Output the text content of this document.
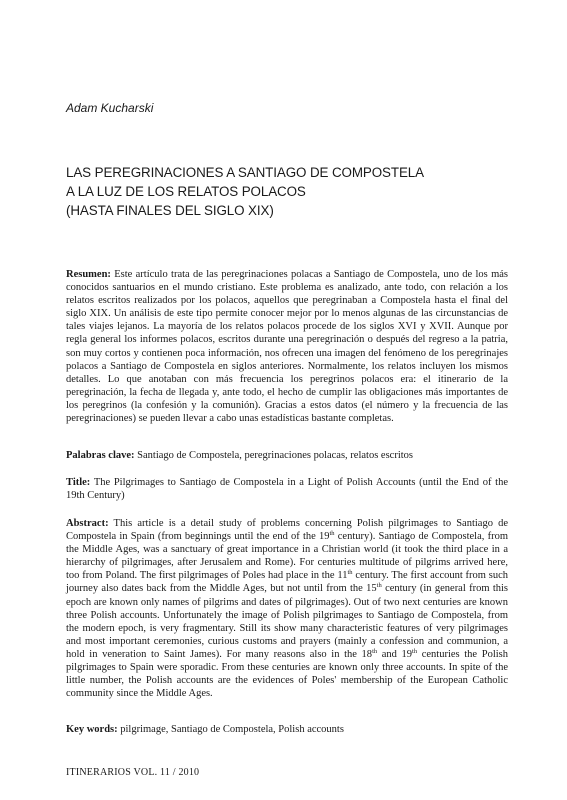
Adam Kucharski
LAS PEREGRINACIONES A SANTIAGO DE COMPOSTELA
A LA LUZ DE LOS RELATOS POLACOS
(HASTA FINALES DEL SIGLO XIX)
Resumen: Este artículo trata de las peregrinaciones polacas a Santiago de Compostela, uno de los más conocidos santuarios en el mundo cristiano. Este problema es analizado, ante todo, con relación a los relatos escritos realizados por los polacos, aquellos que peregrinaban a Compostela hasta el final del siglo XIX. Un análisis de este tipo permite conocer mejor por lo menos algunas de las circunstancias de tales viajes lejanos. La mayoría de los relatos polacos procede de los siglos XVI y XVII. Aunque por regla general los informes polacos, escritos durante una peregrinación o después del regreso a la patria, son muy cortos y contienen poca información, nos ofrecen una imagen del fenómeno de los peregrinajes polacos a Santiago de Compostela en siglos anteriores. Normalmente, los relatos incluyen los mismos detalles. Lo que anotaban con más frecuencia los peregrinos polacos era: el itinerario de la peregrinación, la fecha de llegada y, ante todo, el hecho de cumplir las obligaciones más importantes de los peregrinos (la confesión y la comunión). Gracias a estos datos (el número y la frecuencia de las peregrinaciones) se pueden llevar a cabo unas estadísticas bastante completas.
Palabras clave: Santiago de Compostela, peregrinaciones polacas, relatos escritos
Title: The Pilgrimages to Santiago de Compostela in a Light of Polish Accounts (until the End of the 19th Century)
Abstract: This article is a detail study of problems concerning Polish pilgrimages to Santiago de Compostela in Spain (from beginnings until the end of the 19th century). Santiago de Compostela, from the Middle Ages, was a sanctuary of great importance in a Christian world (it took the third place in a hierarchy of pilgrimages, after Jerusalem and Rome). For centuries multitude of pilgrims arrived here, too from Poland. The first pilgrimages of Poles had place in the 11th century. The first account from such journey also dates back from the Middle Ages, but not until from the 15th century (in general from this epoch are known only names of pilgrims and dates of pilgrimages). Out of two next centuries are known three Polish accounts. Unfortunately the image of Polish pilgrimages to Santiago de Compostela, from the modern epoch, is very fragmentary. Still its show many characteristic features of very pilgrimages and most important ceremonies, curious customs and prayers (mainly a confession and communion, a hold in veneration to Saint James). For many reasons also in the 18th and 19th centuries the Polish pilgrimages to Spain were sporadic. From these centuries are known only three accounts. In spite of the little number, the Polish accounts are the evidences of Poles' membership of the European Catholic community since the Middle Ages.
Key words: pilgrimage, Santiago de Compostela, Polish accounts
ITINERARIOS VOL. 11 / 2010
